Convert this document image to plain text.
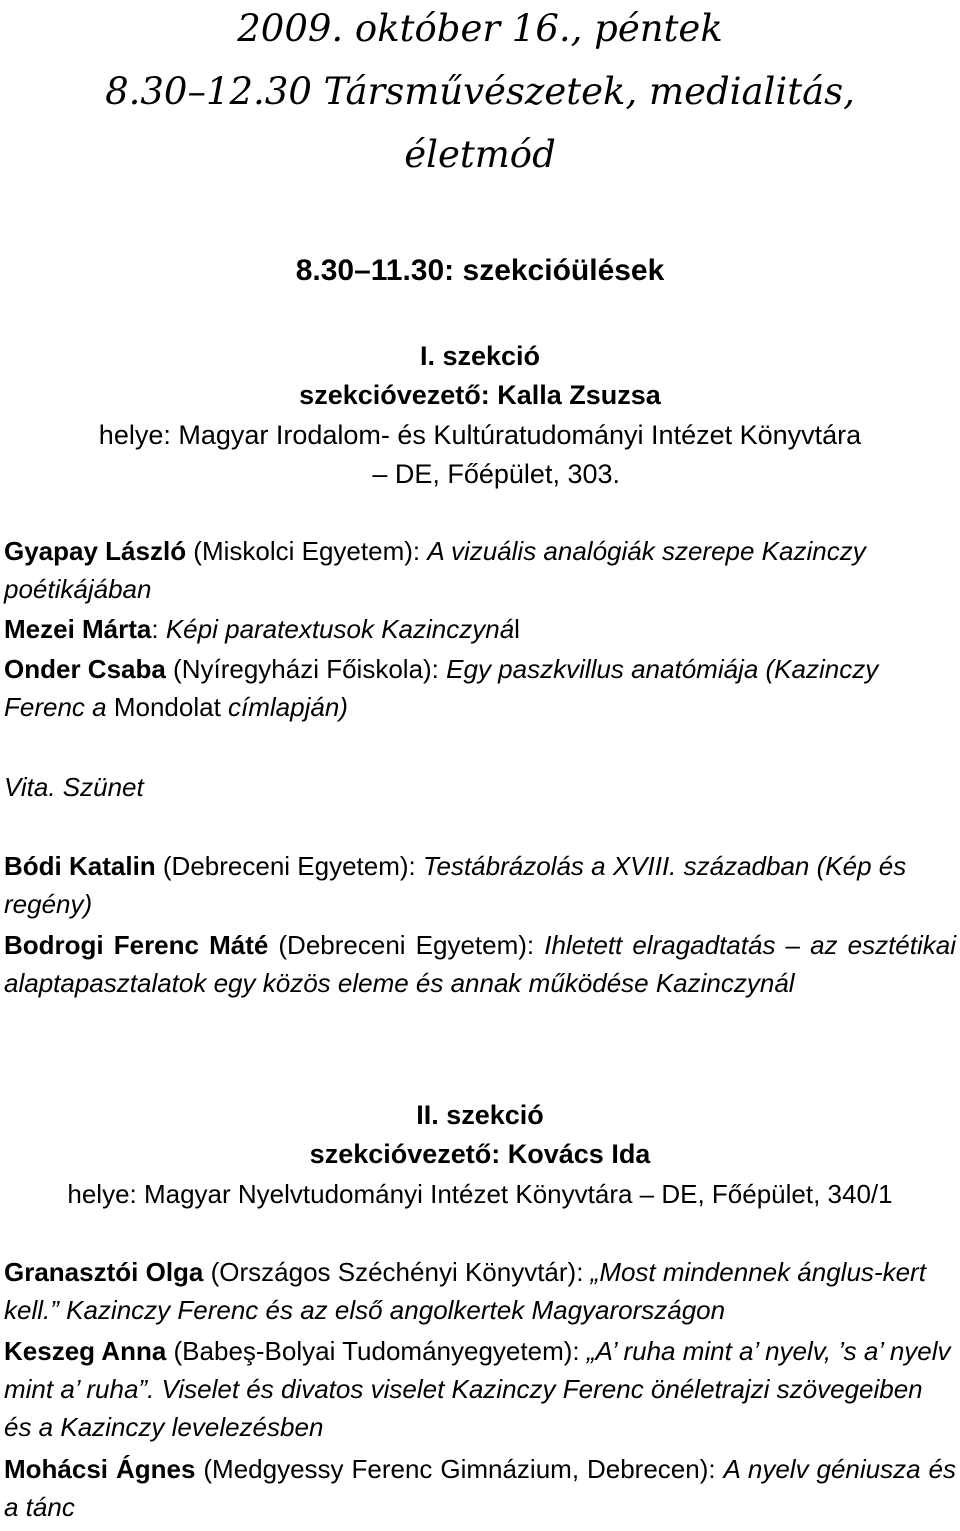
2009. október 16., péntek
8.30–12.30 Társművészetek, medialitás,
életmód
8.30–11.30: szekcióülések
I. szekció
szekcióvezető: Kalla Zsuzsa
helye: Magyar Irodalom- és Kultúratudományi Intézet Könyvtára
– DE, Főépület, 303.
Gyapay László (Miskolci Egyetem): A vizuális analógiák szerepe Kazinczy poétikájában
Mezei Márta: Képi paratextusok Kazinczynál
Onder Csaba (Nyíregyházi Főiskola): Egy paszkvillus anatómiája (Kazinczy Ferenc a Mondolat címlapján)
Vita. Szünet
Bódi Katalin (Debreceni Egyetem): Testábrázolás a XVIII. században (Kép és regény)
Bodrogi Ferenc Máté (Debreceni Egyetem): Ihletett elragadtatás – az esztétikai alaptapasztalatok egy közös eleme és annak működése Kazinczynál
II. szekció
szekcióvezető: Kovács Ida
helye: Magyar Nyelvtudományi Intézet Könyvtára – DE, Főépület, 340/1
Granasztói Olga (Országos Széchényi Könyvtár): „Most mindennek ánglus-kert kell.” Kazinczy Ferenc és az első angolkertek Magyarországon
Keszeg Anna (Babeş-Bolyai Tudományegyetem): „A’ ruha mint a’ nyelv, ’s a’ nyelv mint a’ ruha”. Viselet és divatos viselet Kazinczy Ferenc önéletrajzi szövegeiben és a Kazinczy levelezésben
Mohácsi Ágnes (Medgyessy Ferenc Gimnázium, Debrecen): A nyelv géniusza és a tánc
